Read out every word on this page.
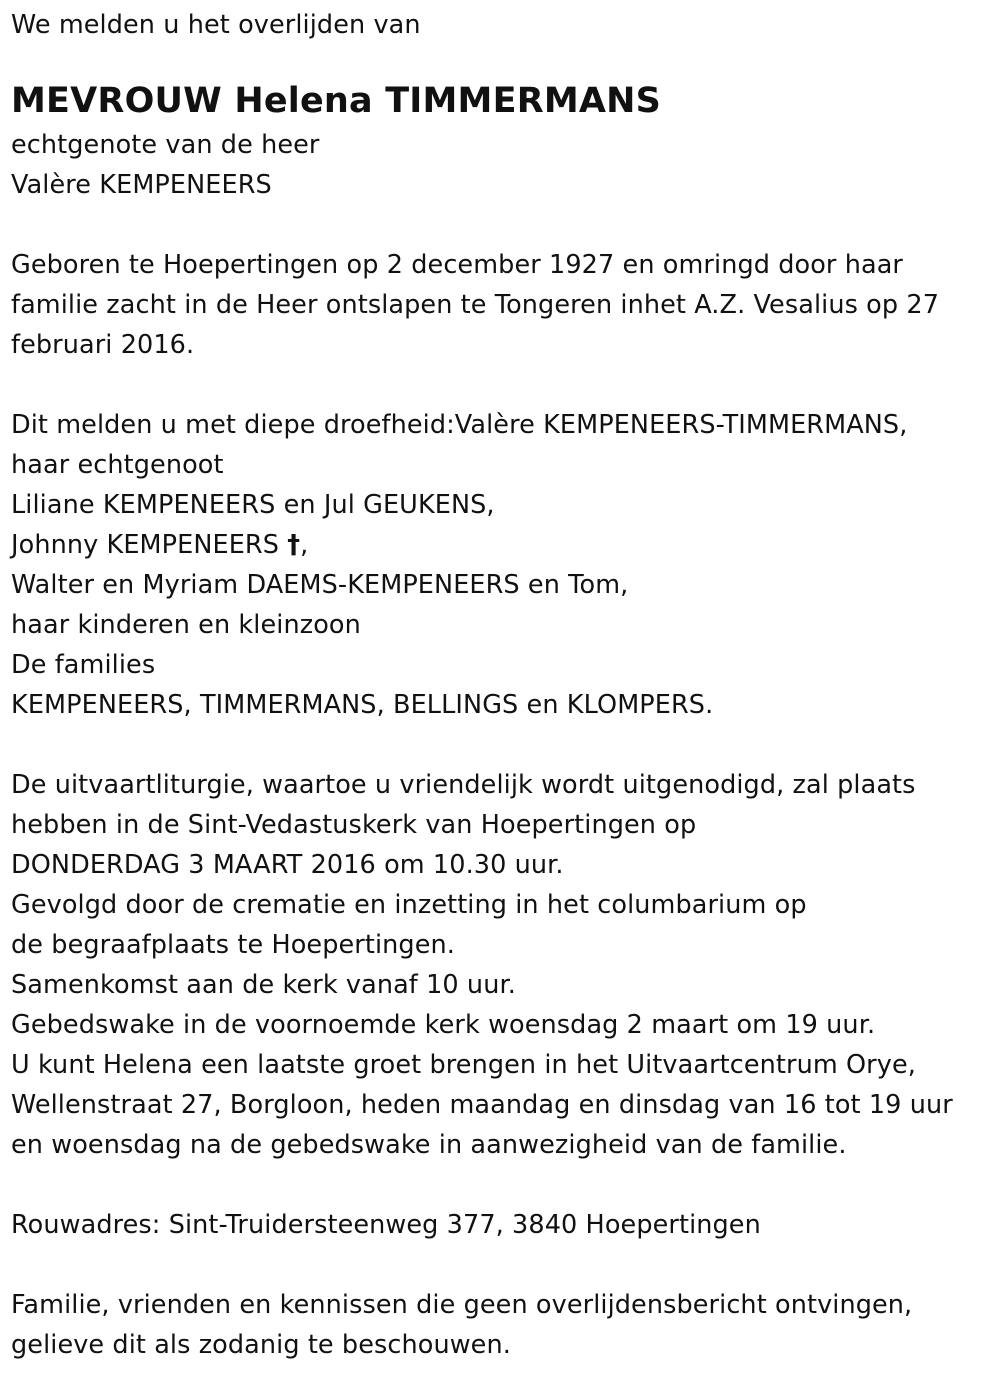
We melden u het overlijden van
MEVROUW Helena TIMMERMANS
echtgenote van de heer
Valère KEMPENEERS
Geboren te Hoepertingen op 2 december 1927 en omringd door haar
familie zacht in de Heer ontslapen te Tongeren inhet A.Z. Vesalius op 27
februari 2016.
Dit melden u met diepe droefheid:Valère KEMPENEERS-TIMMERMANS,
haar echtgenoot
Liliane KEMPENEERS en Jul GEUKENS,
Johnny KEMPENEERS †,
Walter en Myriam DAEMS-KEMPENEERS en Tom,
haar kinderen en kleinzoon
De families
KEMPENEERS, TIMMERMANS, BELLINGS en KLOMPERS.
De uitvaartliturgie, waartoe u vriendelijk wordt uitgenodigd, zal plaats
hebben in de Sint-Vedastuskerk van Hoepertingen op
DONDERDAG 3 MAART 2016 om 10.30 uur.
Gevolgd door de crematie en inzetting in het columbarium op
de begraafplaats te Hoepertingen.
Samenkomst aan de kerk vanaf 10 uur.
Gebedswake in de voornoemde kerk woensdag 2 maart om 19 uur.
U kunt Helena een laatste groet brengen in het Uitvaartcentrum Orye,
Wellenstraat 27, Borgloon, heden maandag en dinsdag van 16 tot 19 uur
en woensdag na de gebedswake in aanwezigheid van de familie.
Rouwadres: Sint-Truidersteenweg 377, 3840 Hoepertingen
Familie, vrienden en kennissen die geen overlijdensbericht ontvingen,
gelieve dit als zodanig te beschouwen.
